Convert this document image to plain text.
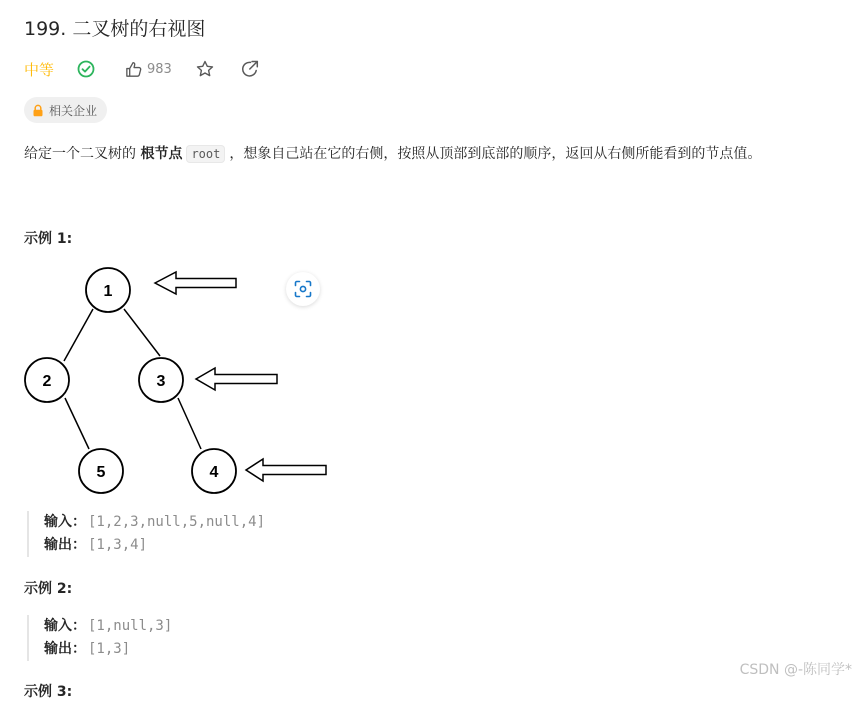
199. 二叉树的右视图
中等	983
相关企业
给定一个二叉树的 根节点 root ，想象自己站在它的右侧，按照从顶部到底部的顺序，返回从右侧所能看到的节点值。
示例 1:
1
2	3
5	4
输入： [1,2,3,null,5,null,4]
输出： [1,3,4]
示例 2:
输入： [1,null,3]
输出： [1,3]
示例 3:
CSDN @-陈同学*
